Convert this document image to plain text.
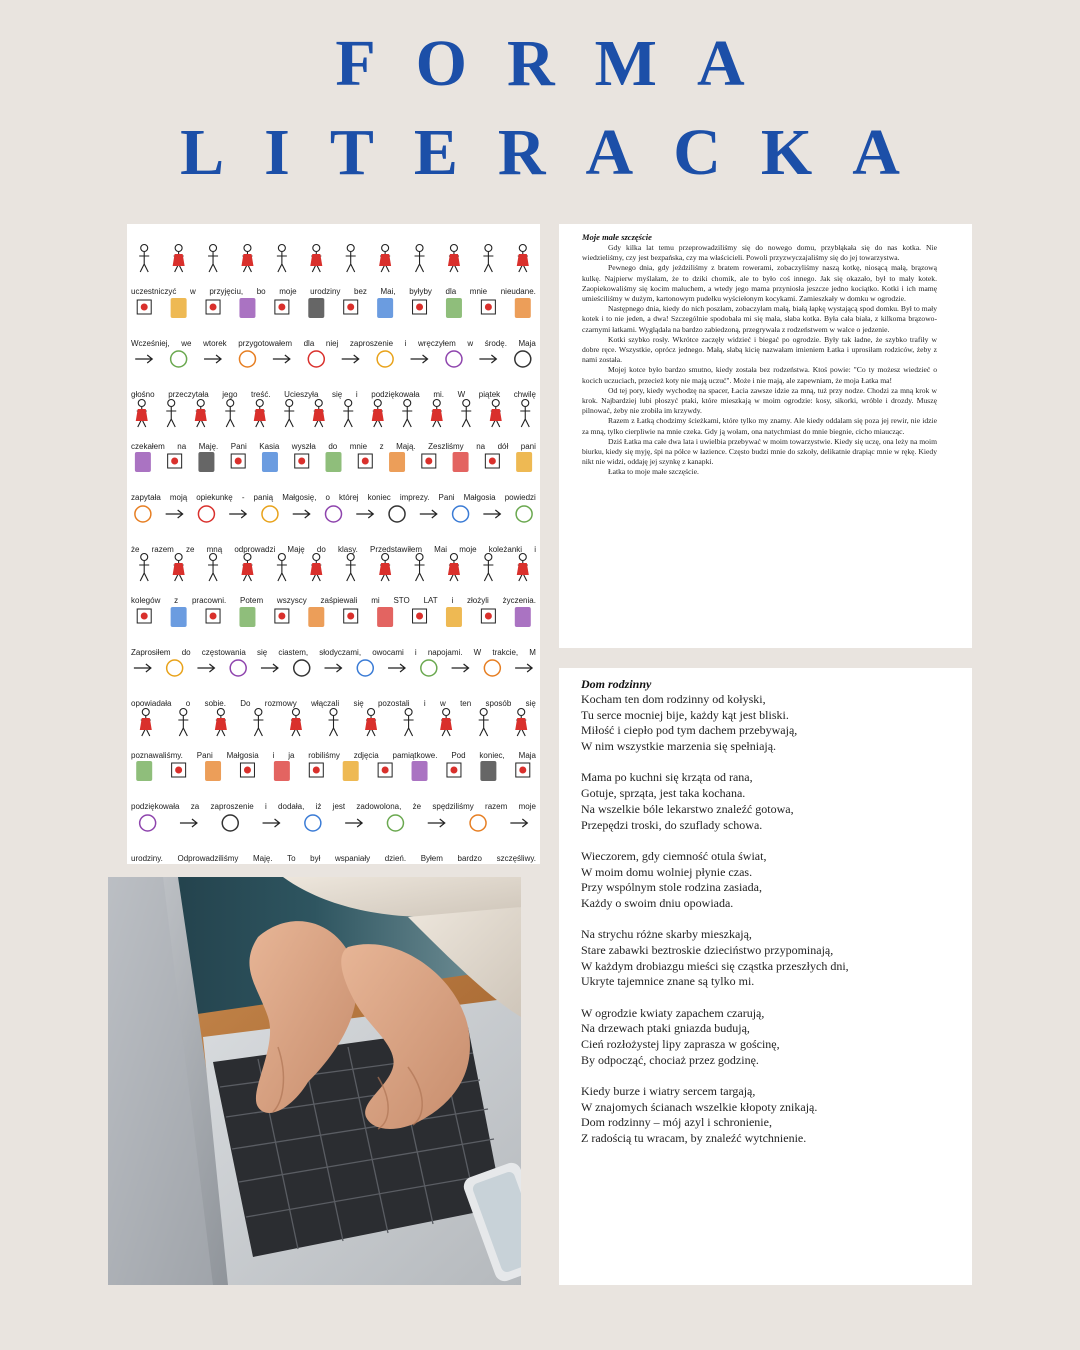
FORMA
LITERACKA
uczestniczyć w przyjęciu, bo moje urodziny bez Mai, byłyby dla mnie nieudane.
Wcześniej, we wtorek przygotowałem dla niej zaproszenie i wręczyłem w środę. Maja
głośno przeczytała jego treść. Ucieszyła się i podziękowała mi. W piątek chwilę
czekałem na Maję. Pani Kasia wyszła do mnie z Mają. Zeszliśmy na dół pani
zapytała moją opiekunkę - panią Małgosię, o której koniec imprezy. Pani Małgosia powiedzi
że razem ze mną odprowadzi Maję do klasy. Przedstawiłem Mai moje koleżanki i
kolegów z pracowni. Potem wszyscy zaśpiewali mi STO LAT i złożyli życzenia.
Zaprosiłem do częstowania się ciastem, słodyczami, owocami i napojami. W trakcie, M
opowiadała o sobie. Do rozmowy włączali się pozostali i w ten sposób się
poznawaliśmy. Pani Małgosia i ja robiliśmy zdjęcia pamiątkowe. Pod koniec, Maja
podziękowała za zaproszenie i dodała, iż jest zadowolona, że spędziliśmy razem moje
urodziny. Odprowadziliśmy Maję. To był wspaniały dzień. Byłem bardzo szczęśliwy.
Moje małe szczęście

Gdy kilka lat temu przeprowadziliśmy się do nowego domu, przybłąkała się do nas kotka. Nie wiedzieliśmy, czy jest bezpańska, czy ma właścicieli. Powoli przyzwyczajaliśmy się do jej towarzystwa.

Pewnego dnia, gdy jeździliśmy z bratem rowerami, zobaczyliśmy naszą kotkę, niosącą małą, brązową kulkę. Najpierw myślałam, że to dziki chomik, ale to było coś innego. Jak się okazało, był to mały kotek. Zaopiekowaliśmy się kocim maluchem, a wtedy jego mama przyniosła jeszcze jedno kociątko. Kotki i ich mamę umieściliśmy w dużym, kartonowym pudełku wyściełonym kocykami. Zamieszkały w domku w ogrodzie.

Następnego dnia, kiedy do nich poszłam, zobaczyłam małą, białą łapkę wystającą spod domku. Był to mały kotek i to nie jeden, a dwa! Szczególnie spodobała mi się mała, słaba kotka. Była cała biała, z kilkoma brązowo-czarnymi łatkami. Wyglądała na bardzo zabiedzoną, przegrywała z rodzeństwem w walce o jedzenie.

Kotki szybko rosły. Wkrótce zaczęły widzieć i biegać po ogrodzie. Były tak ładne, że szybko trafiły w dobre ręce. Wszystkie, oprócz jednego. Małą, słabą kicię nazwałam imieniem Łatka i uprosiłam rodziców, żeby z nami została.

Mojej kotce było bardzo smutno, kiedy została bez rodzeństwa. Ktoś powie: "Co ty możesz wiedzieć o kocich uczuciach, przecież koty nie mają uczuć". Może i nie mają, ale zapewniam, że moja Łatka ma!

Od tej pory, kiedy wychodzę na spacer, Łacia zawsze idzie za mną, tuż przy nodze. Chodzi za mną krok w krok. Najbardziej lubi płoszyć ptaki, które mieszkają w moim ogrodzie: kosy, sikorki, wróble i drozdy. Muszę pilnować, żeby nie zrobiła im krzywdy.

Razem z Łatką chodzimy ścieżkami, które tylko my znamy. Ale kiedy oddalam się poza jej rewir, nie idzie za mną, tylko cierpliwie na mnie czeka. Gdy ją wołam, ona natychmiast do mnie biegnie, cicho miaucząc.

Dziś Łatka ma całe dwa lata i uwielbia przebywać w moim towarzystwie. Kiedy się uczę, ona leży na moim biurku, kiedy się myję, śpi na półce w łazience. Często budzi mnie do szkoły, delikatnie drapiąc mnie w rękę. Kiedy nikt nie widzi, oddaję jej szynkę z kanapki.

Łatka to moje małe szczęście.

Dom rodzinny
Kocham ten dom rodzinny od kołyski,
Tu serce mocniej bije, każdy kąt jest bliski.
Miłość i ciepło pod tym dachem przebywają,
W nim wszystkie marzenia się spełniają.
Mama po kuchni się krząta od rana,
Gotuje, sprząta, jest taka kochana.
Na wszelkie bóle lekarstwo znaleźć gotowa,
Przepędzi troski, do szuflady schowa.
Wieczorem, gdy ciemność otula świat,
W moim domu wolniej płynie czas.
Przy wspólnym stole rodzina zasiada,
Każdy o swoim dniu opowiada.
Na strychu różne skarby mieszkają,
Stare zabawki beztroskie dzieciństwo przypominają,
W każdym drobiazgu mieści się cząstka przeszłych dni,
Ukryte tajemnice znane są tylko mi.
W ogrodzie kwiaty zapachem czarują,
Na drzewach ptaki gniazda budują,
Cień rozłożystej lipy zaprasza w gościnę,
By odpocząć, chociaż przez godzinę.
Kiedy burze i wiatry sercem targają,
W znajomych ścianach wszelkie kłopoty znikają.
Dom rodzinny – mój azyl i schronienie,
Z radością tu wracam, by znaleźć wytchnienie.
